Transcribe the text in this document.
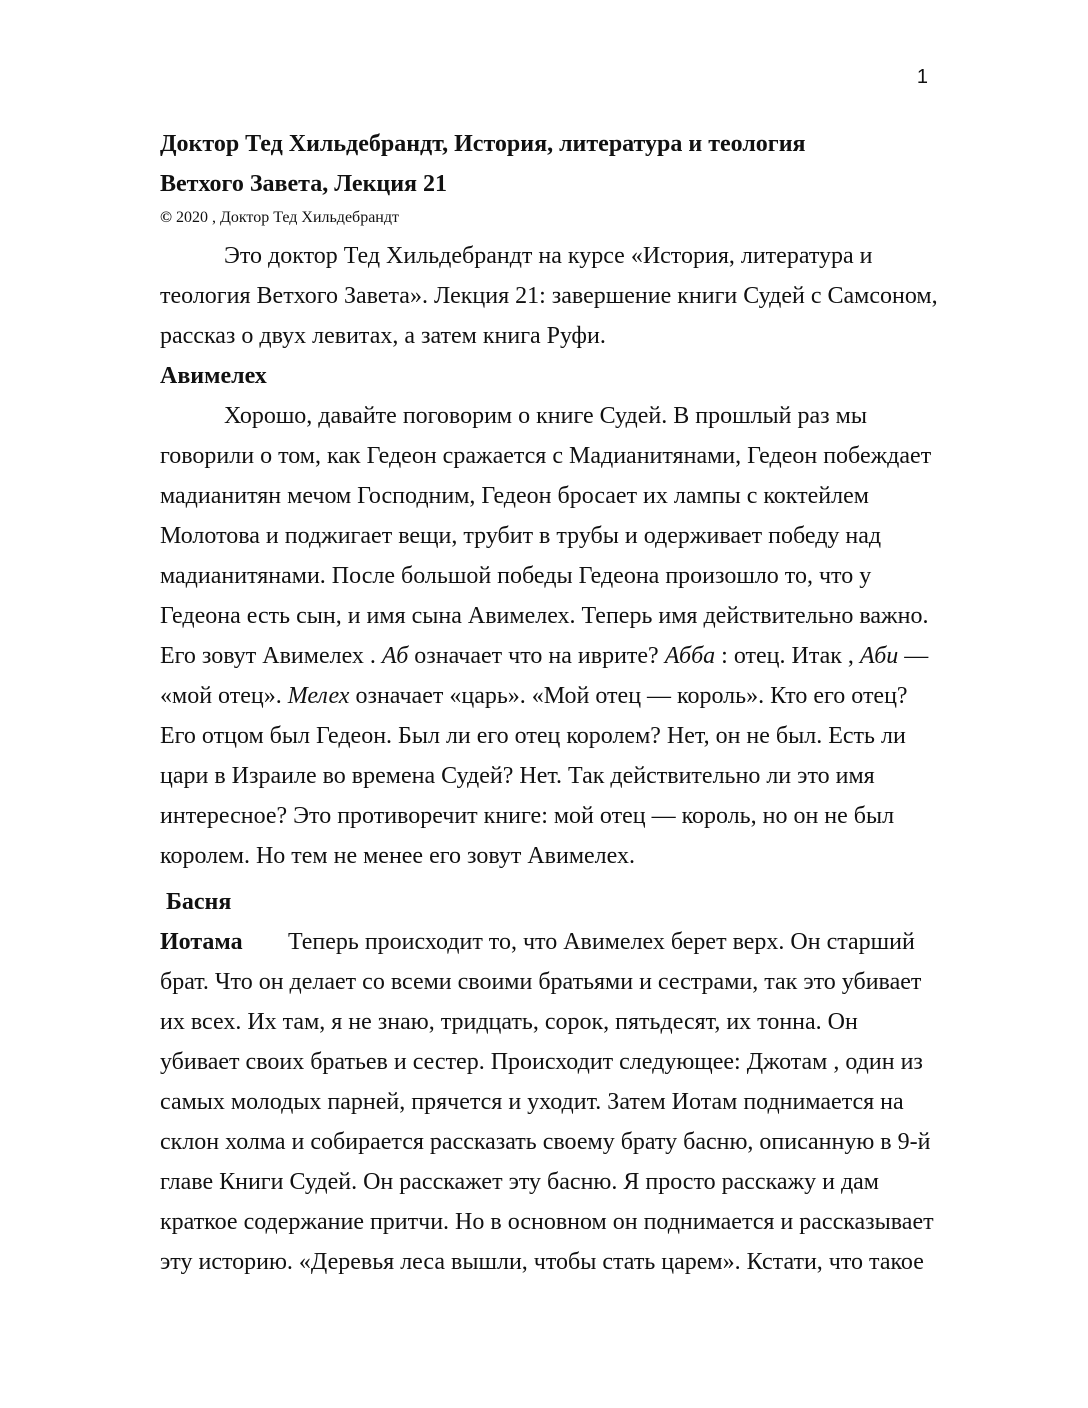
1

Доктор Тед Хильдебрандт, История, литература и теология

Ветхого Завета, Лекция 21

© 2020 , Доктор Тед Хильдебрандт

Это доктор Тед Хильдебрандт на курсе «История, литература и теология Ветхого Завета». Лекция 21: завершение книги Судей с Самсоном, рассказ о двух левитах, а затем книга Руфи.

Авимелех

Хорошо, давайте поговорим о книге Судей. В прошлый раз мы говорили о том, как Гедеон сражается с Мадианитянами, Гедеон побеждает мадианитян мечом Господним, Гедеон бросает их лампы с коктейлем Молотова и поджигает вещи, трубит в трубы и одерживает победу над мадианитянами. После большой победы Гедеона произошло то, что у Гедеона есть сын, и имя сына Авимелех. Теперь имя действительно важно. Его зовут Авимелех . Аб означает что на иврите? Абба : отец. Итак , Аби — «мой отец». Мелех означает «царь». «Мой отец — король». Кто его отец? Его отцом был Гедеон. Был ли его отец королем? Нет, он не был. Есть ли цари в Израиле во времена Судей? Нет. Так действительно ли это имя интересное? Это противоречит книге: мой отец — король, но он не был королем. Но тем не менее его зовут Авимелех.

Басня

Иотама Теперь происходит то, что Авимелех берет верх. Он старший брат. Что он делает со всеми своими братьями и сестрами, так это убивает их всех. Их там, я не знаю, тридцать, сорок, пятьдесят, их тонна. Он убивает своих братьев и сестер. Происходит следующее: Джотам , один из самых молодых парней, прячется и уходит. Затем Иотам поднимается на склон холма и собирается рассказать своему брату басню, описанную в 9-й главе Книги Судей. Он расскажет эту басню. Я просто расскажу и дам краткое содержание притчи. Но в основном он поднимается и рассказывает эту историю. «Деревья леса вышли, чтобы стать царем». Кстати, что такое
